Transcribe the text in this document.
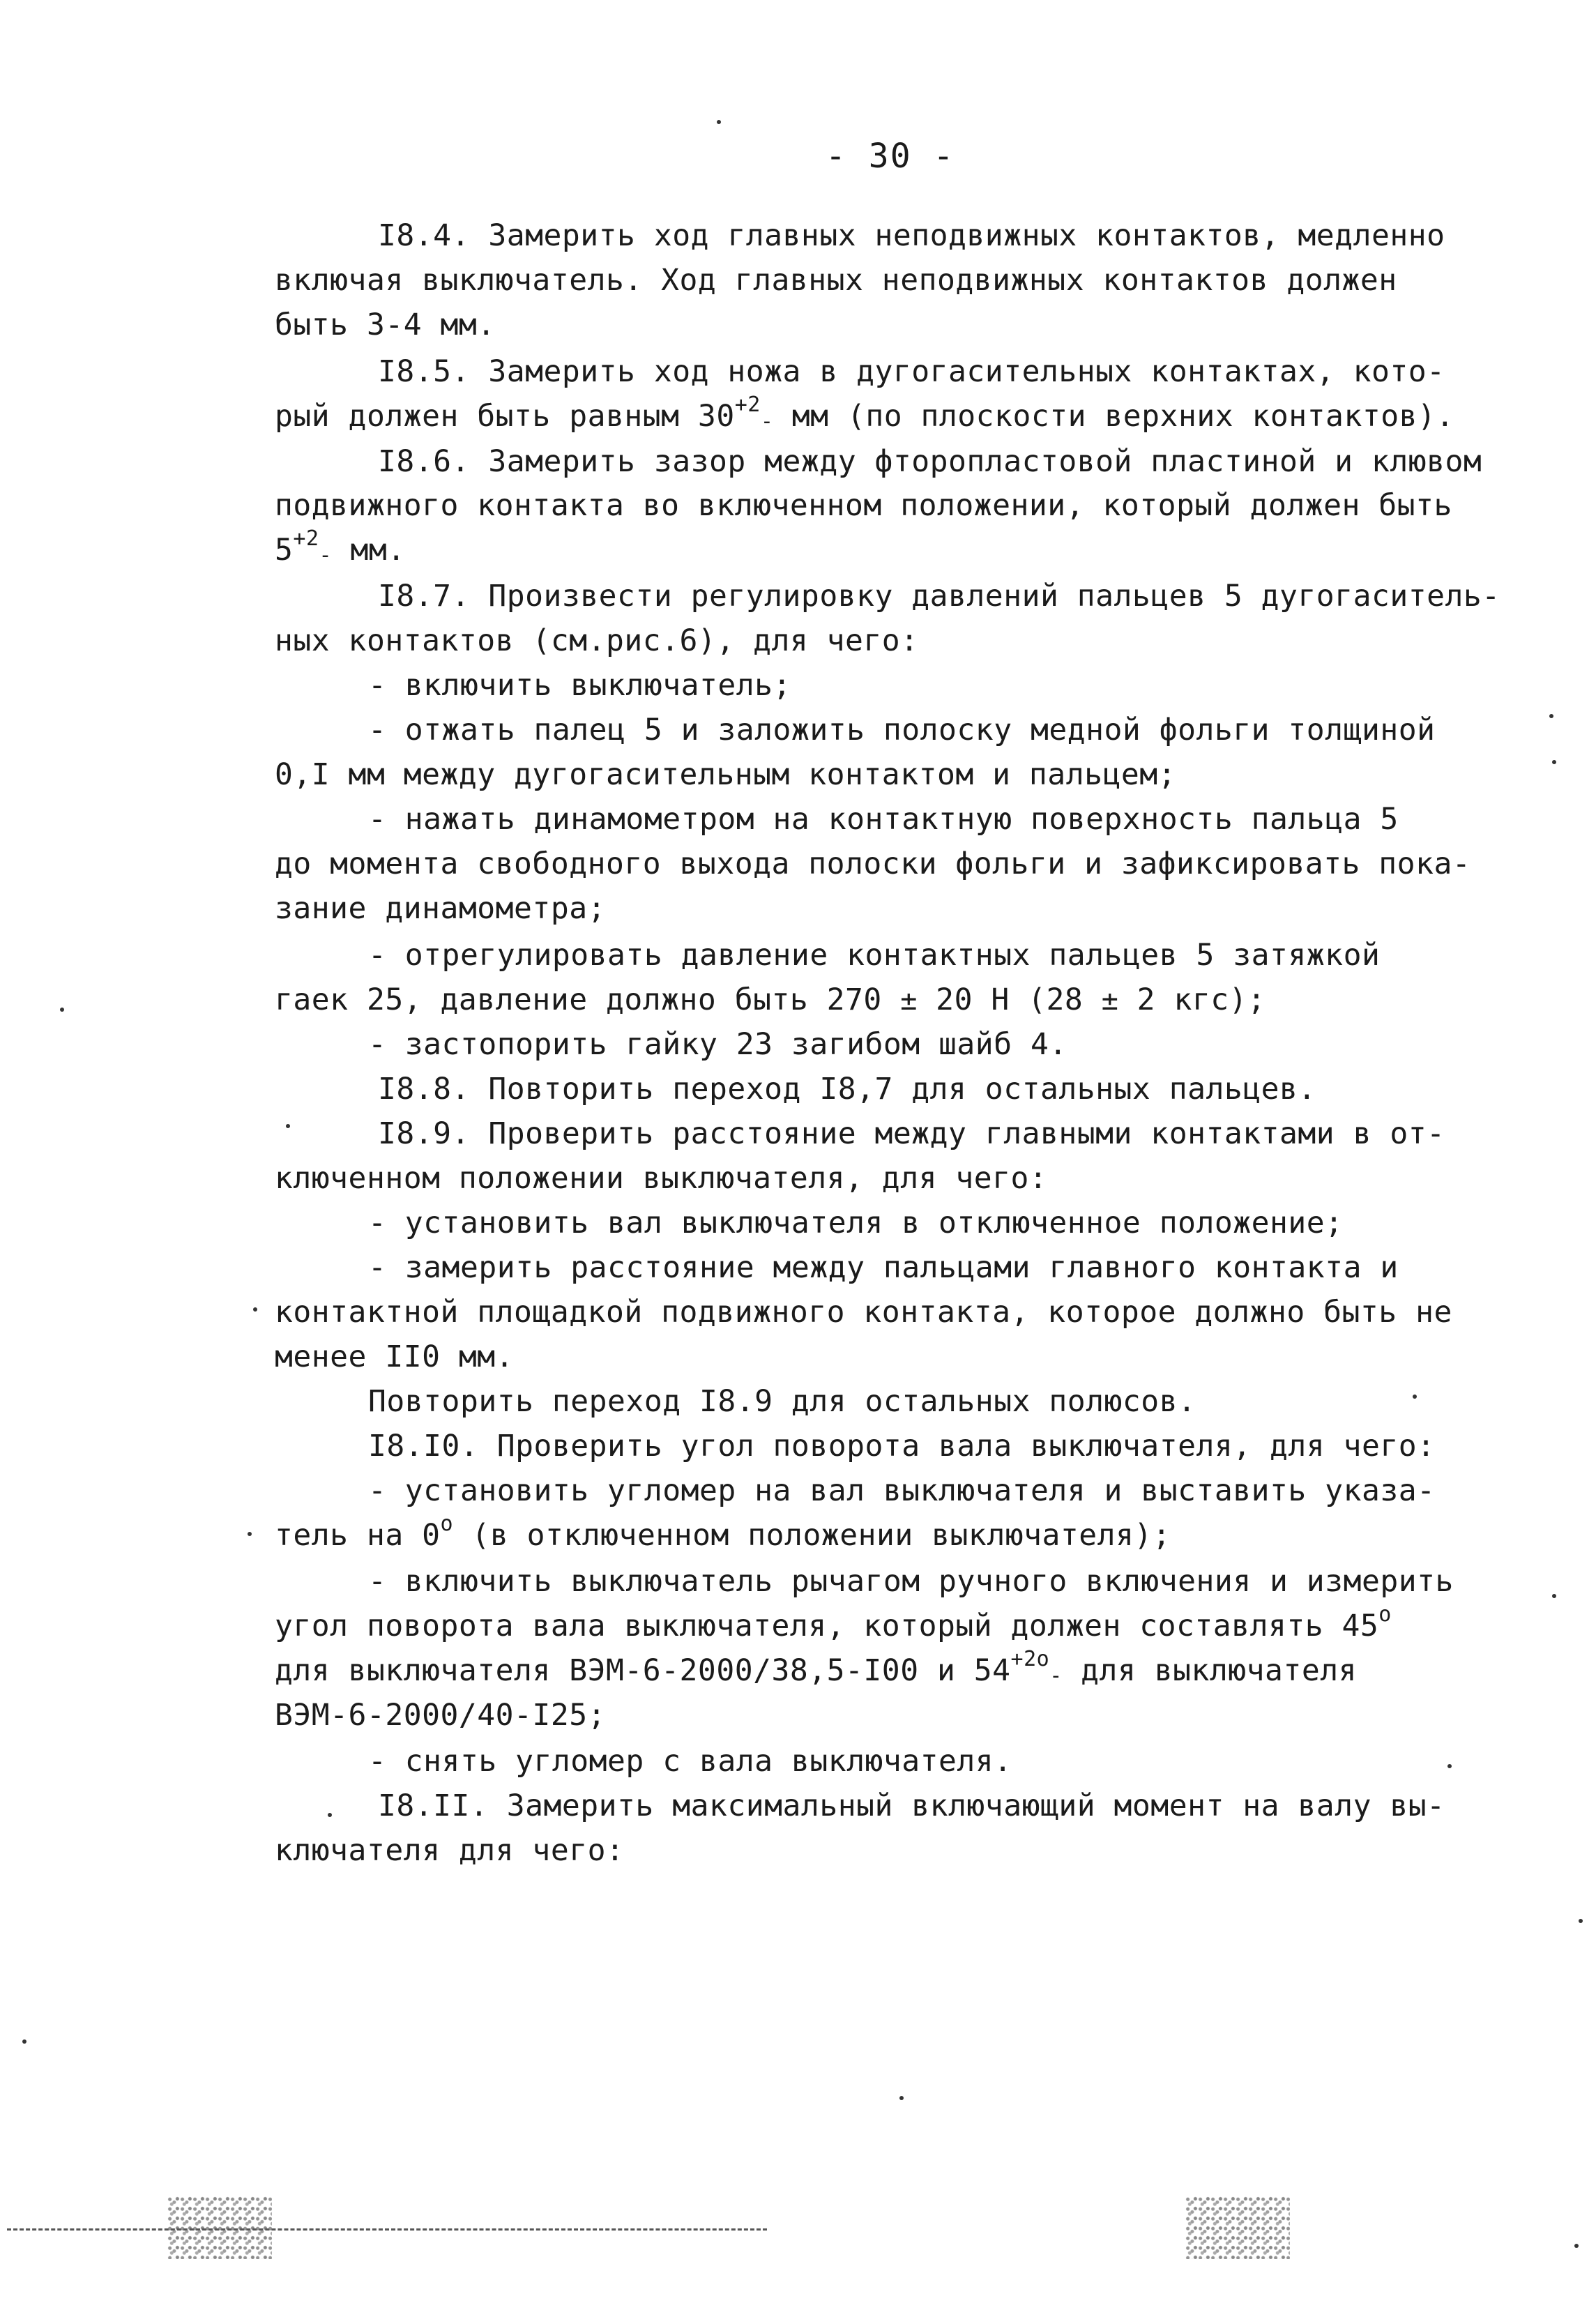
- 30 -
I8.4. Замерить ход главных неподвижных контактов, медленно
включая выключатель. Ход главных неподвижных контактов должен
быть 3-4 мм.
I8.5. Замерить ход ножа в дугогасительных контактах, кото-
рый должен быть равным $30^{+2}_-$ мм (по плоскости верхних контактов).
I8.6. Замерить зазор между фторопластовой пластиной и клювом
подвижного контакта во включенном положении, который должен быть
$5^{+2}_-$ мм.
I8.7. Произвести регулировку давлений пальцев 5 дугогаситель-
ных контактов (см.рис.6), для чего:
- включить выключатель;
- отжать палец 5 и заложить полоску медной фольги толщиной
0,I мм между дугогасительным контактом и пальцем;
- нажать динамометром на контактную поверхность пальца 5
до момента свободного выхода полоски фольги и зафиксировать пока-
зание динамометра;
- отрегулировать давление контактных пальцев 5 затяжкой
гаек 25, давление должно быть 270 ± 20 Н (28 ± 2 кгс);
- застопорить гайку 23 загибом шайб 4.
I8.8. Повторить переход I8,7 для остальных пальцев.
I8.9. Проверить расстояние между главными контактами в от-
ключенном положении выключателя, для чего:
- установить вал выключателя в отключенное положение;
- замерить расстояние между пальцами главного контакта и
контактной площадкой подвижного контакта, которое должно быть не
менее II0 мм.
Повторить переход I8.9 для остальных полюсов.
I8.I0. Проверить угол поворота вала выключателя, для чего:
- установить угломер на вал выключателя и выставить указа-
тель на $0^о$ (в отключенном положении выключателя);
- включить выключатель рычагом ручного включения и измерить
угол поворота вала выключателя, который должен составлять $45^о$
для выключателя ВЭМ-6-2000/38,5-I00 и $54^{+2о}_-$ для выключателя
ВЭМ-6-2000/40-I25;
- снять угломер с вала выключателя.
I8.II. Замерить максимальный включающий момент на валу вы-
ключателя для чего:
